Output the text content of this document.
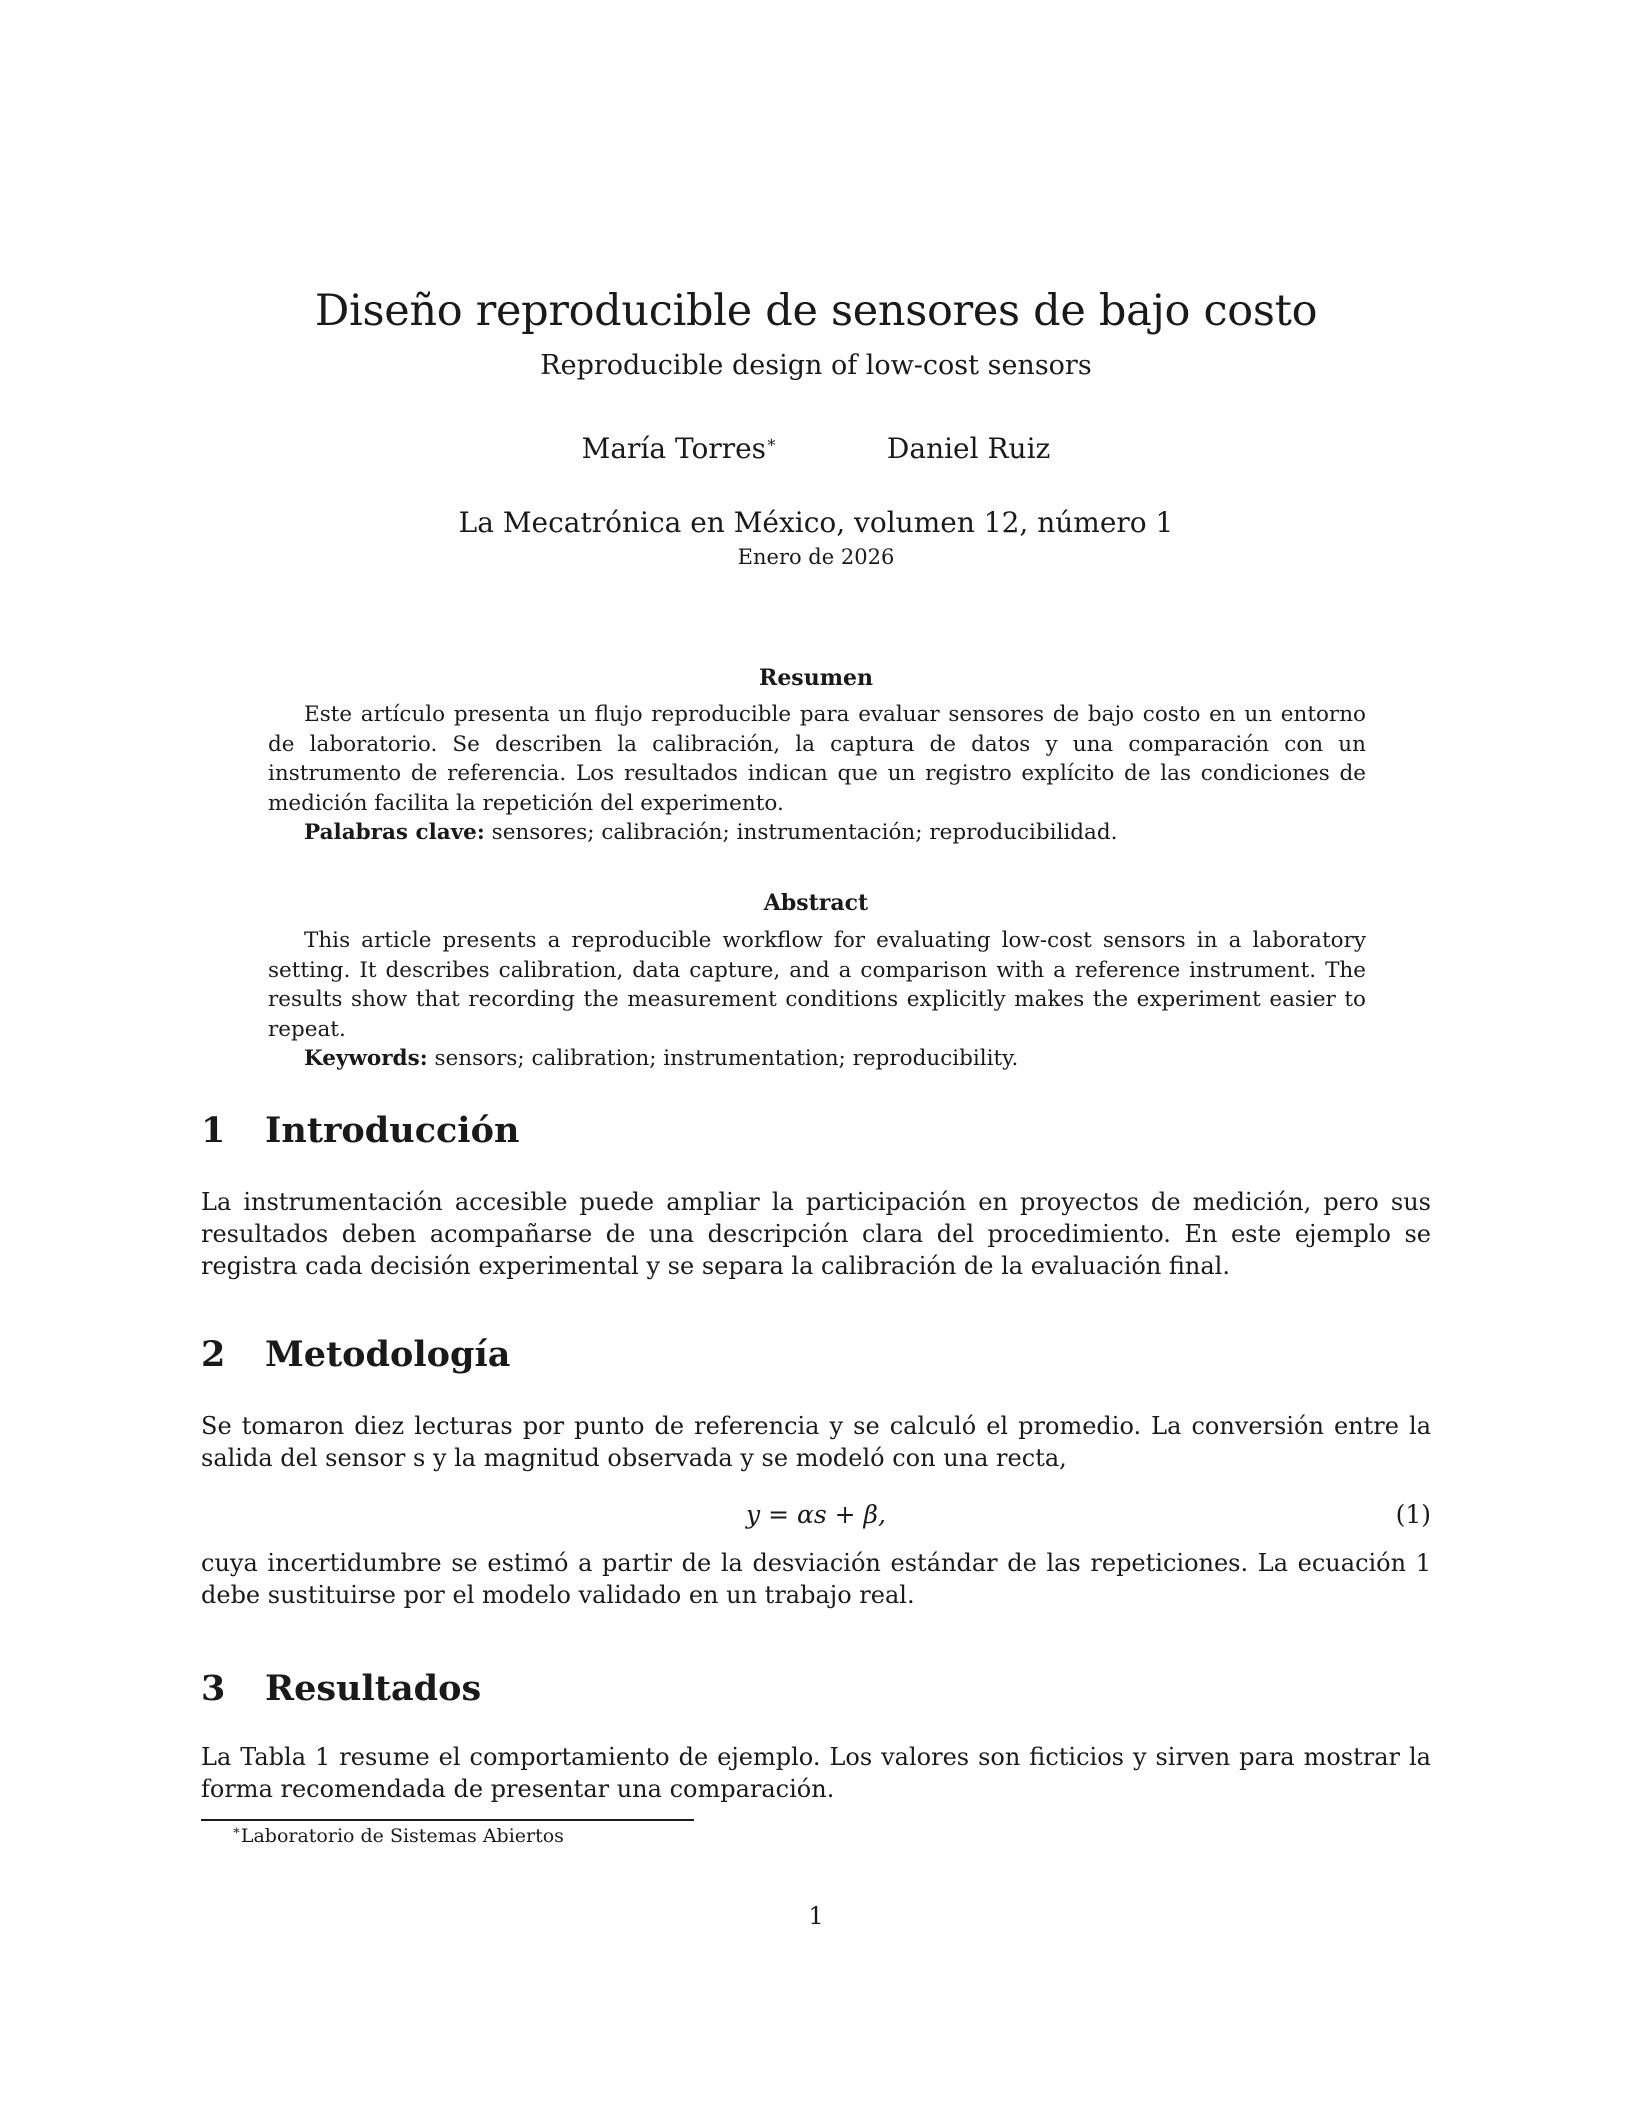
Diseño reproducible de sensores de bajo costo
Reproducible design of low-cost sensors
María Torres∗	Daniel Ruiz
La Mecatrónica en México, volumen 12, número 1
Enero de 2026
Resumen

Este artículo presenta un flujo reproducible para evaluar sensores de bajo costo en un entorno de laboratorio. Se describen la calibración, la captura de datos y una comparación con un instrumento de referencia. Los resultados indican que un registro explícito de las condiciones de medición facilita la repetición del experimento.

Palabras clave: sensores; calibración; instrumentación; reproducibilidad.

Abstract

This article presents a reproducible workflow for evaluating low-cost sensors in a laboratory setting. It describes calibration, data capture, and a comparison with a reference instrument. The results show that recording the measurement conditions explicitly makes the experiment easier to repeat.

Keywords: sensors; calibration; instrumentation; reproducibility.

1 Introducción

La instrumentación accesible puede ampliar la participación en proyectos de medición, pero sus resultados deben acompañarse de una descripción clara del procedimiento. En este ejemplo se registra cada decisión experimental y se separa la calibración de la evaluación final.

2 Metodología

Se tomaron diez lecturas por punto de referencia y se calculó el promedio. La conversión entre la salida del sensor s y la magnitud observada y se modeló con una recta,

y = αs + β,	(1)

cuya incertidumbre se estimó a partir de la desviación estándar de las repeticiones. La ecuación 1 debe sustituirse por el modelo validado en un trabajo real.

3 Resultados

La Tabla 1 resume el comportamiento de ejemplo. Los valores son ficticios y sirven para mostrar la forma recomendada de presentar una comparación.

∗Laboratorio de Sistemas Abiertos
1
